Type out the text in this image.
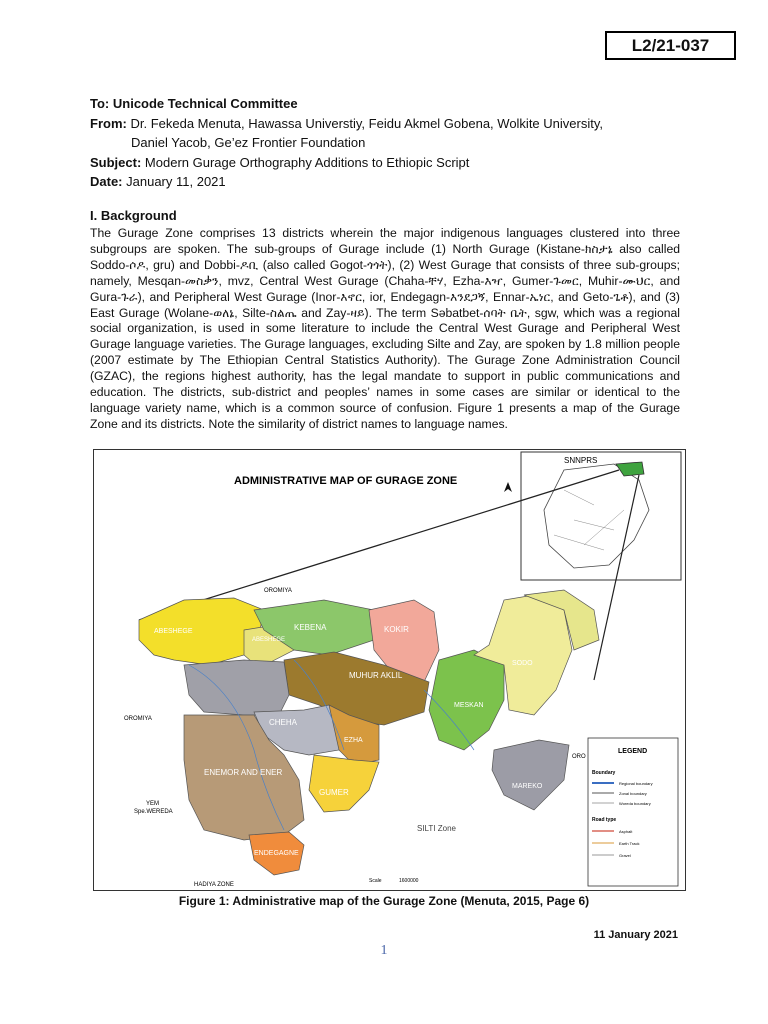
L2/21-037
To: Unicode Technical Committee
From: Dr. Fekeda Menuta, Hawassa Universtiy, Feidu Akmel Gobena, Wolkite University,
Daniel Yacob, Ge’ez Frontier Foundation
Subject: Modern Gurage Orthography Additions to Ethiopic Script
Date: January 11, 2021
I. Background

The Gurage Zone comprises 13 districts wherein the major indigenous languages clustered into three subgroups are spoken. The sub-groups of Gurage include (1) North Gurage (Kistane-ክስታኔ also called Soddo-ሶዶ, gru) and Dobbi-ዶቢ (also called Gogot-ጎጎት), (2) West Gurage that consists of three sub-groups; namely, Mesqan-መስቃን, mvz, Central West Gurage (Chaha-ቸሃ, Ezha-እዣ, Gumer-ጉመር, Muhir-ሙህር, and Gura-ጉራ), and Peripheral West Gurage (Inor-እኖር, ior, Endegagn-እንደጋኝ, Ennar-ኤነር, and Geto-ጌቶ), and (3) East Gurage (Wolane-ወለኔ, Silte-ስልጤ and Zay-ዛይ). The term Səbatbet-ሰባት ቤት, sgw, which was a regional social organization, is used in some literature to include the Central West Gurage and Peripheral West Gurage language varieties. The Gurage languages, excluding Silte and Zay, are spoken by 1.8 million people (2007 estimate by The Ethiopian Central Statistics Authority). The Gurage Zone Administration Council (GZAC), the regions highest authority, has the legal mandate to support in public communications and education. The districts, sub-district and peoples’ names in some cases are similar or identical to the language variety name, which is a common source of confusion. Figure 1 presents a map of the Gurage Zone and its districts. Note the similarity of district names to language names.

SNNPRS
ADMINISTRATIVE MAP OF GURAGE ZONE
OROMIYA
OROMIYA
ABESHEGE
ABESHEGE
KEBENA	KOKIR
MUHUR AKLIL
CHEHA
EZHA
ENEMOR AND ENER
GUMER
ENDEGAGNE
MESKAN
SODO
MAREKO
SILTI Zone
YEM
Spe.WEREDA
HADIYA ZONE
ORO
Scale	1600000
LEGEND
Boundary
Regional boundary
Zonal boundary
Woreda boundary
Road type
Asphalt
Earth Track
Gravel
Figure 1: Administrative map of the Gurage Zone (Menuta, 2015, Page 6)
11 January 2021
1
